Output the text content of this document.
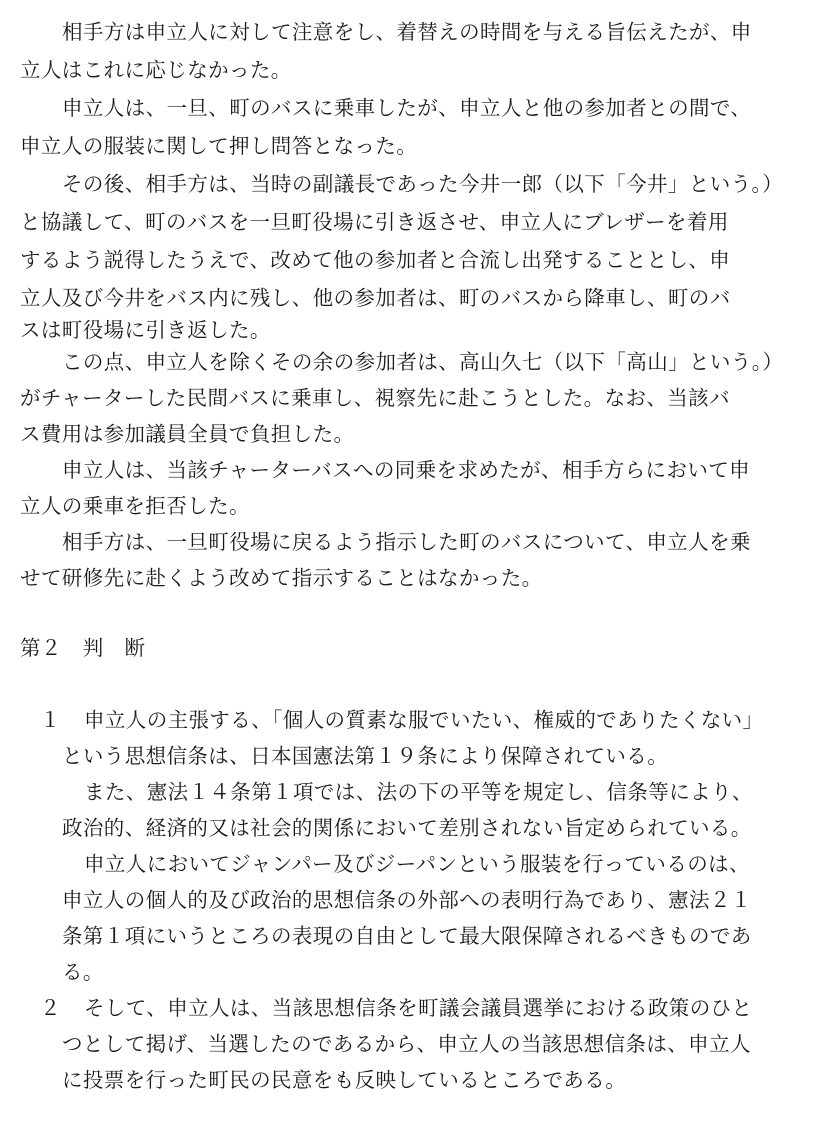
相手方は申立人に対して注意をし、着替えの時間を与える旨伝えたが、申
立人はこれに応じなかった。
申立人は、一旦、町のバスに乗車したが、申立人と他の参加者との間で、
申立人の服装に関して押し問答となった。
その後、相手方は、当時の副議長であった今井一郎（以下「今井」という。）
と協議して、町のバスを一旦町役場に引き返させ、申立人にブレザーを着用
するよう説得したうえで、改めて他の参加者と合流し出発することとし、申
立人及び今井をバス内に残し、他の参加者は、町のバスから降車し、町のバ
スは町役場に引き返した。
この点、申立人を除くその余の参加者は、高山久七（以下「高山」という。）
がチャーターした民間バスに乗車し、視察先に赴こうとした。なお、当該バ
ス費用は参加議員全員で負担した。
申立人は、当該チャーターバスへの同乗を求めたが、相手方らにおいて申
立人の乗車を拒否した。
相手方は、一旦町役場に戻るよう指示した町のバスについて、申立人を乗
せて研修先に赴くよう改めて指示することはなかった。
第２　判　断
１ 申立人の主張する、「個人の質素な服でいたい、権威的でありたくない」
という思想信条は、日本国憲法第１９条により保障されている。
また、憲法１４条第１項では、法の下の平等を規定し、信条等により、
政治的、経済的又は社会的関係において差別されない旨定められている。
申立人においてジャンパー及びジーパンという服装を行っているのは、
申立人の個人的及び政治的思想信条の外部への表明行為であり、憲法２１
条第１項にいうところの表現の自由として最大限保障されるべきものであ
る。
２ そして、申立人は、当該思想信条を町議会議員選挙における政策のひと
つとして掲げ、当選したのであるから、申立人の当該思想信条は、申立人
に投票を行った町民の民意をも反映しているところである。
